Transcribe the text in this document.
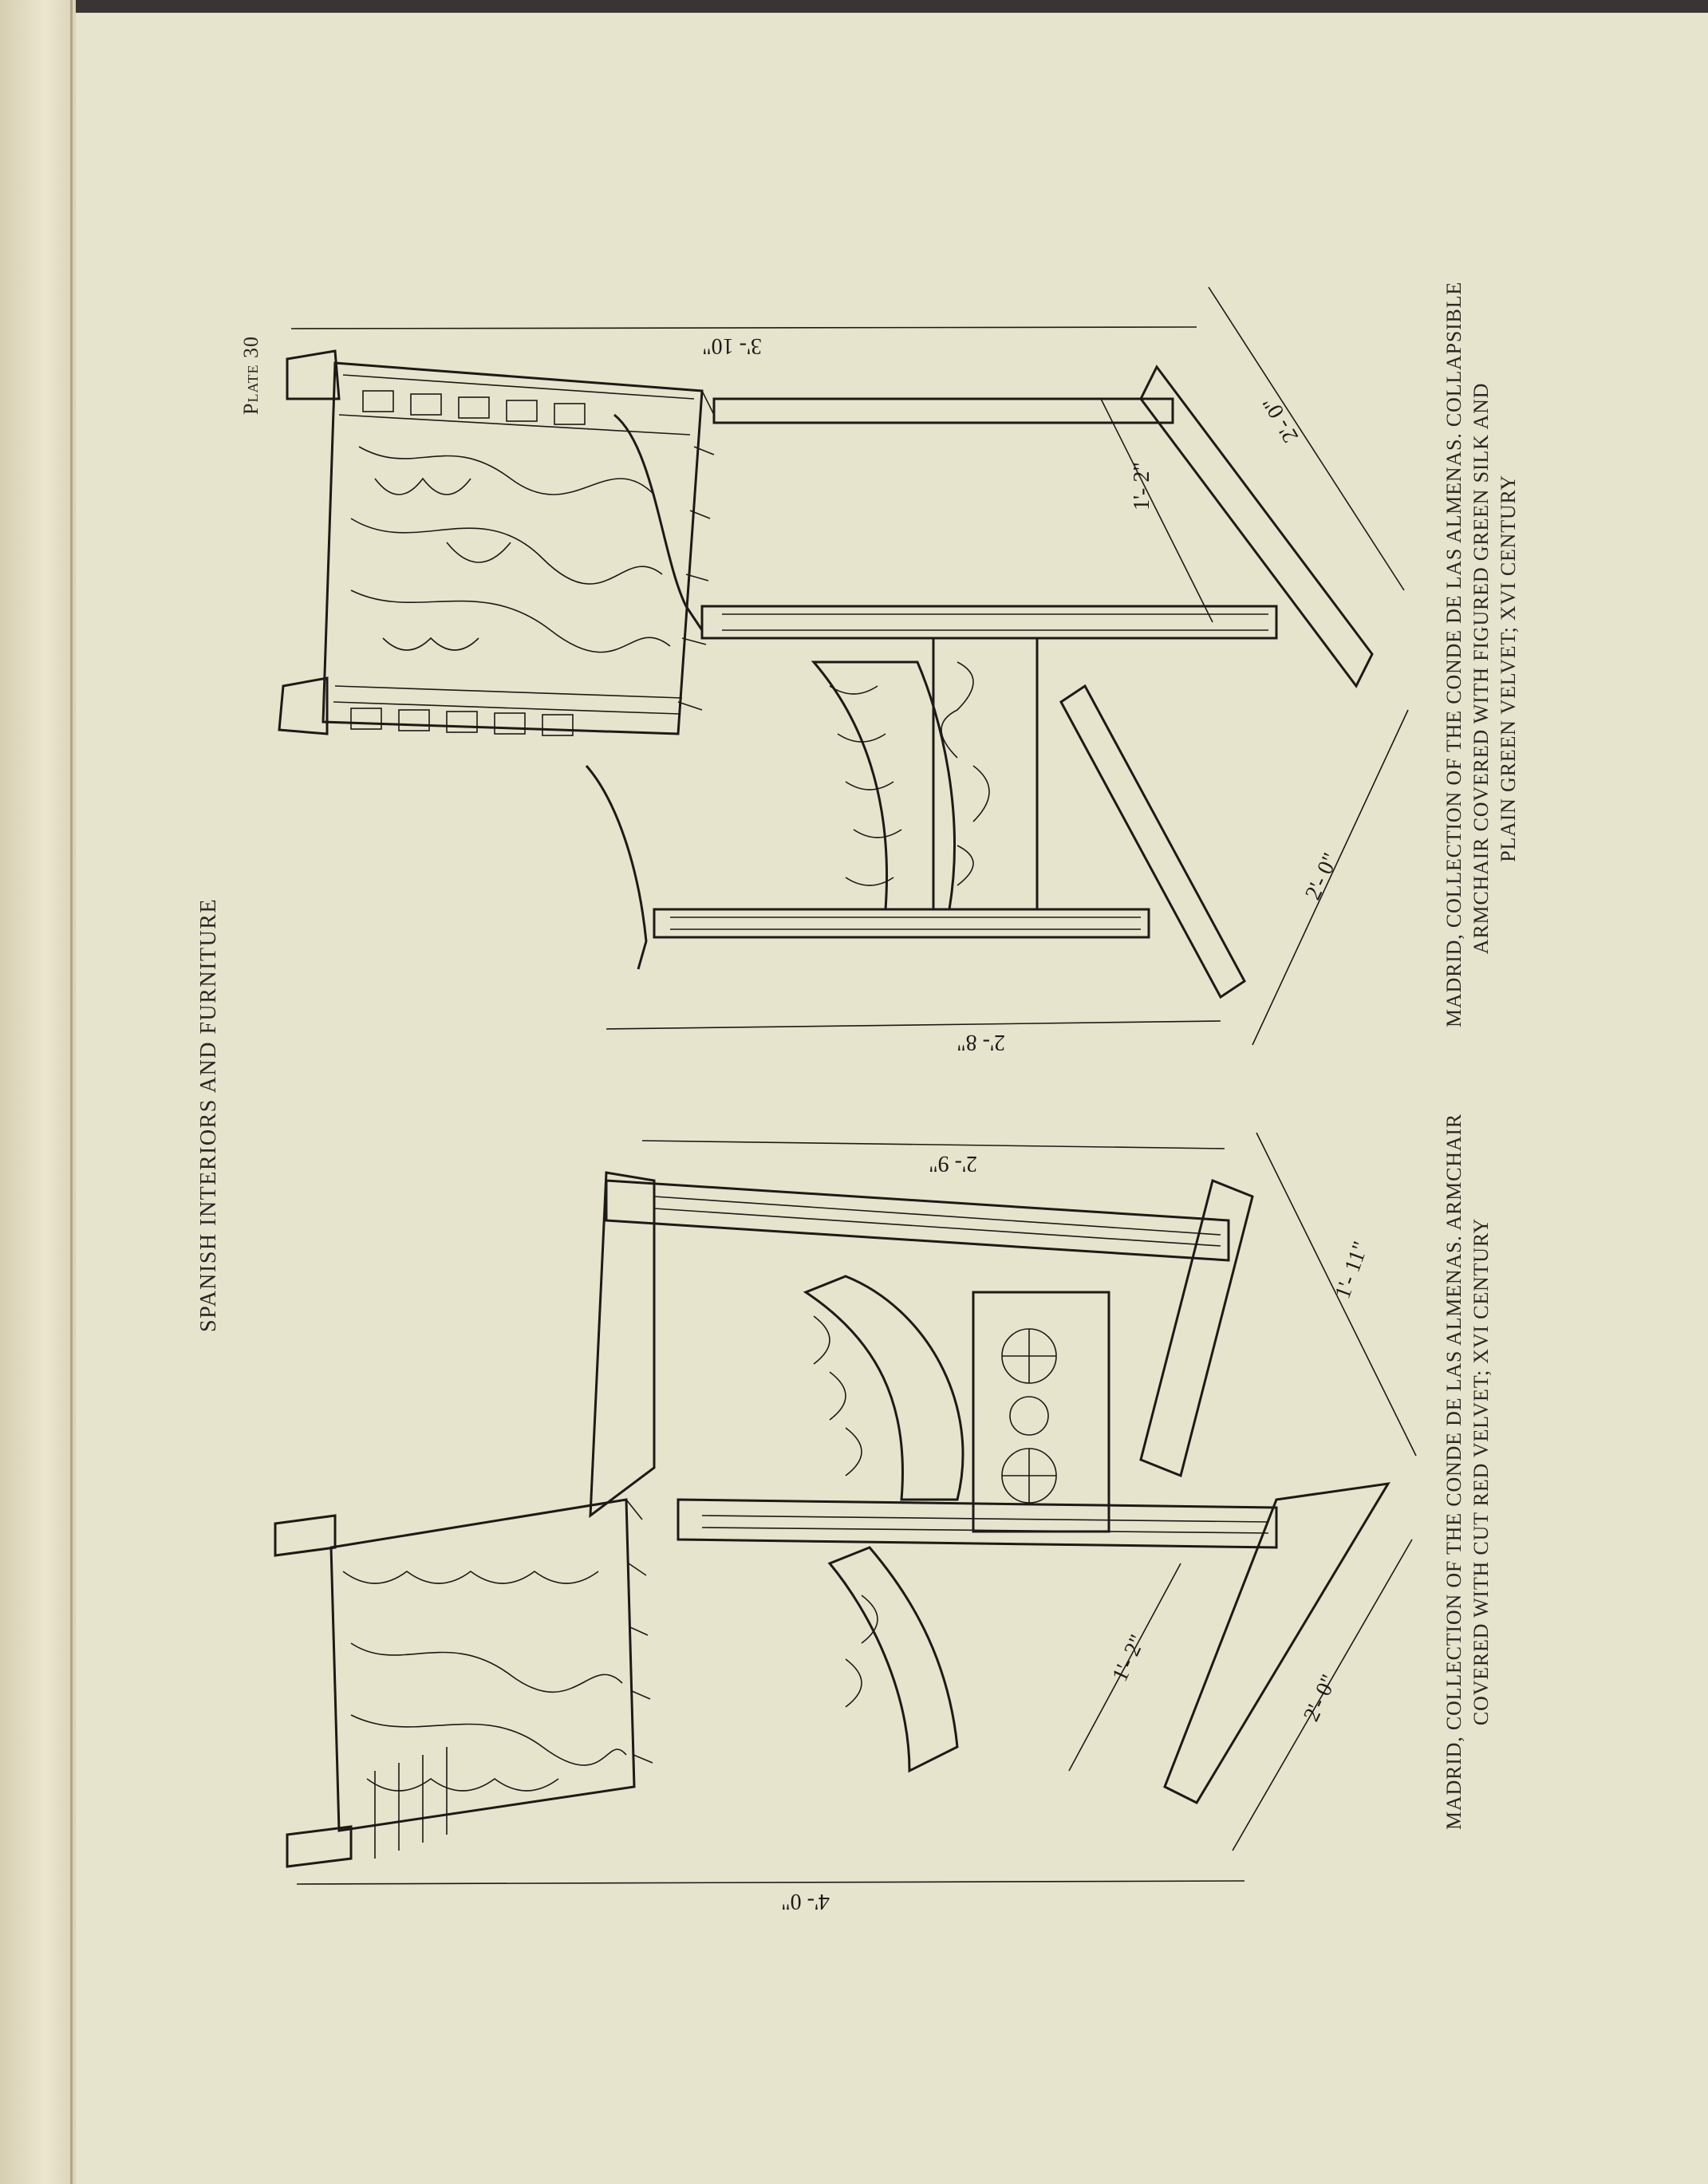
3'- 10"
2'- 8"
2'- 0"
2'- 0"
1'- 2"
2'- 9"
1'- 11"
2'- 0"
1'- 2"
4'- 0"
SPANISH INTERIORS AND FURNITURE
Plate 30
MADRID, COLLECTION OF THE CONDE DE LAS ALMENAS. ARMCHAIR COVERED WITH CUT RED VELVET; XVI CENTURY
MADRID, COLLECTION OF THE CONDE DE LAS ALMENAS. COLLAPSIBLE ARMCHAIR COVERED WITH FIGURED GREEN SILK AND PLAIN GREEN VELVET; XVI CENTURY
